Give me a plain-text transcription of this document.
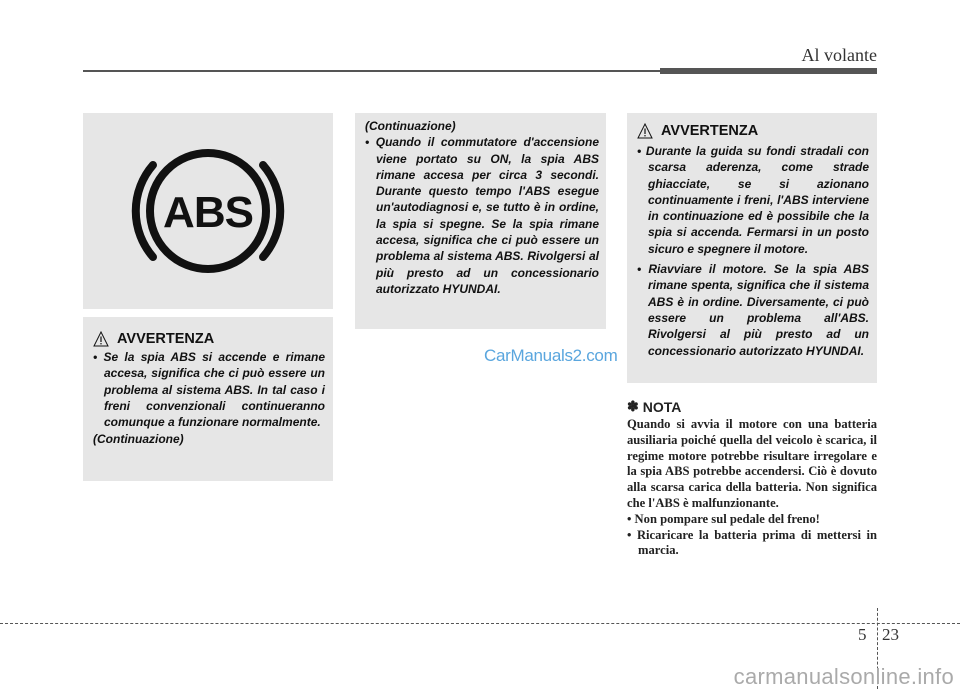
Al volante
ABS
AVVERTENZA
• Se la spia ABS si accende e rimane accesa, significa che ci può essere un problema al sistema ABS. In tal caso i freni convenzionali continueranno comunque a funzionare normalmente.
(Continuazione)
(Continuazione)
• Quando il commutatore d'accensione viene portato su ON, la spia ABS rimane accesa per circa 3 secondi. Durante questo tempo l'ABS esegue un'autodiagnosi e, se tutto è in ordine, la spia si spegne. Se la spia rimane accesa, significa che ci può essere un problema al sistema ABS. Rivolgersi al più presto ad un concessionario autorizzato HYUNDAI.
AVVERTENZA
• Durante la guida su fondi stradali con scarsa aderenza, come strade ghiacciate, se si azionano continuamente i freni, l'ABS interviene in continuazione ed è possibile che la spia si accenda. Fermarsi in un posto sicuro e spegnere il motore.
• Riavviare il motore. Se la spia ABS rimane spenta, significa che il sistema ABS è in ordine. Diversamente, ci può essere un problema all'ABS. Rivolgersi al più presto ad un concessionario autorizzato HYUNDAI.
CarManuals2.com
✽ NOTA
Quando si avvia il motore con una batteria ausiliaria poiché quella del veicolo è scarica, il regime motore potrebbe risultare irregolare e la spia ABS potrebbe accendersi. Ciò è dovuto alla scarsa carica della batteria. Non significa che l'ABS è malfunzionante.
• Non pompare sul pedale del freno!
• Ricaricare la batteria prima di mettersi in marcia.
5 23
carmanualsonline.info
